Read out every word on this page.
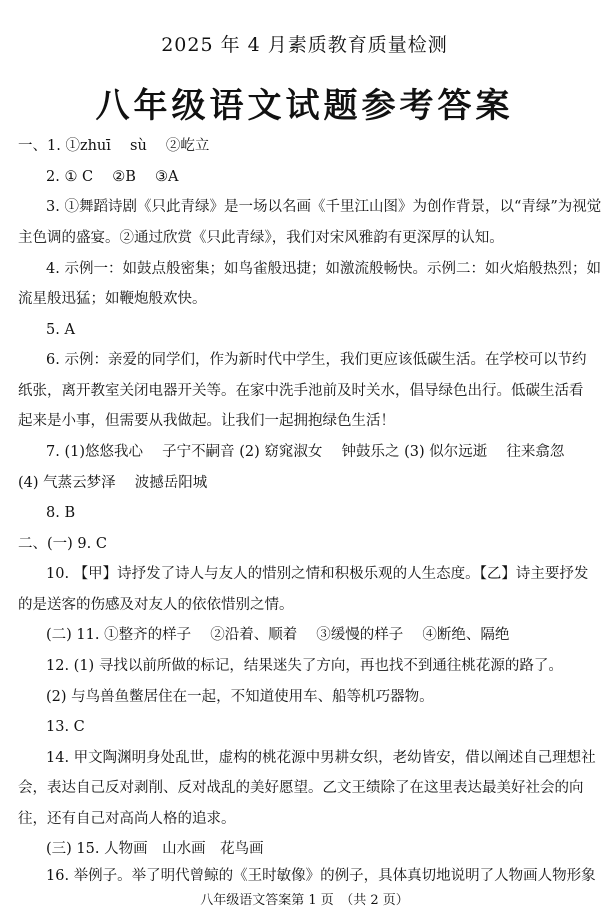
2025 年 4 月素质教育质量检测
八年级语文试题参考答案
一、1. ①zhuī　 sù　 ②屹立
2. ① C　 ②B　 ③A
3. ①舞蹈诗剧《只此青绿》是一场以名画《千里江山图》为创作背景，以“青绿”为视觉
主色调的盛宴。②通过欣赏《只此青绿》，我们对宋风雅韵有更深厚的认知。
4. 示例一：如鼓点般密集；如鸟雀般迅捷；如激流般畅快。示例二：如火焰般热烈；如
流星般迅猛；如鞭炮般欢快。
5. A
6. 示例：亲爱的同学们，作为新时代中学生，我们更应该低碳生活。在学校可以节约
纸张，离开教室关闭电器开关等。在家中洗手池前及时关水，倡导绿色出行。低碳生活看
起来是小事，但需要从我做起。让我们一起拥抱绿色生活！
7. (1)悠悠我心　 子宁不嗣音 (2) 窈窕淑女　 钟鼓乐之 (3) 似尔远逝　 往来翕忽
(4) 气蒸云梦泽　 波撼岳阳城
8. B
二、(一) 9. C
10. 【甲】诗抒发了诗人与友人的惜别之情和积极乐观的人生态度。【乙】诗主要抒发
的是送客的伤感及对友人的依依惜别之情。
(二) 11. ①整齐的样子　 ②沿着、顺着　 ③缓慢的样子　 ④断绝、隔绝
12. (1) 寻找以前所做的标记，结果迷失了方向，再也找不到通往桃花源的路了。
(2) 与鸟兽鱼鳖居住在一起，不知道使用车、船等机巧器物。
13. C
14. 甲文陶渊明身处乱世，虚构的桃花源中男耕女织，老幼皆安，借以阐述自己理想社
会，表达自己反对剥削、反对战乱的美好愿望。乙文王绩除了在这里表达最美好社会的向
往，还有自己对高尚人格的追求。
(三) 15. 人物画　山水画　花鸟画
16. 举例子。举了明代曾鲸的《王时敏像》的例子，具体真切地说明了人物画人物形象
八年级语文答案第 1 页　（共 2 页）
